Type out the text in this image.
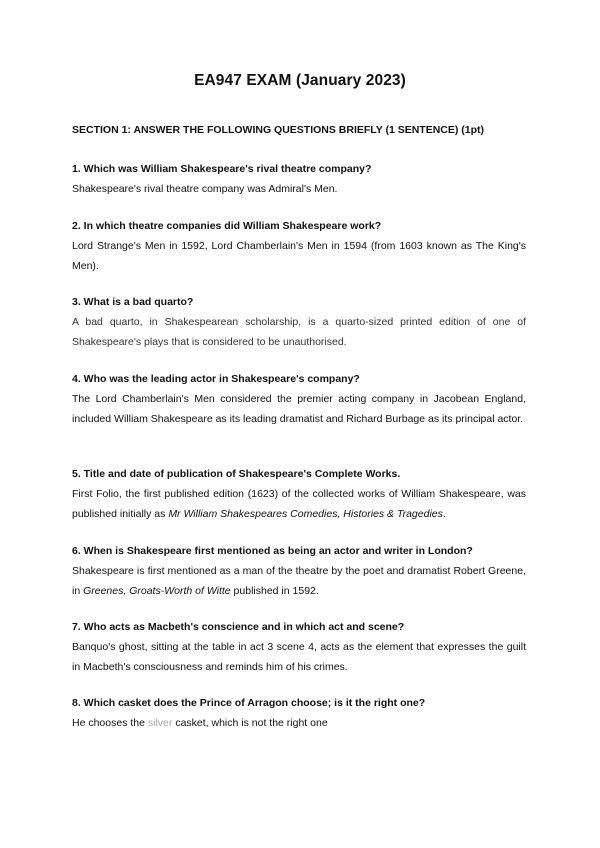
EA947 EXAM (January 2023)
SECTION 1: ANSWER THE FOLLOWING QUESTIONS BRIEFLY (1 SENTENCE) (1pt)

1. Which was William Shakespeare's rival theatre company?

Shakespeare's rival theatre company was Admiral's Men.

2. In which theatre companies did William Shakespeare work?

Lord Strange's Men in 1592, Lord Chamberlain's Men in 1594 (from 1603 known as The King's Men).

3. What is a bad quarto?

A bad quarto, in Shakespearean scholarship, is a quarto-sized printed edition of one of Shakespeare's plays that is considered to be unauthorised.

4. Who was the leading actor in Shakespeare's company?

The Lord Chamberlain's Men considered the premier acting company in Jacobean England, included William Shakespeare as its leading dramatist and Richard Burbage as its principal actor.

5. Title and date of publication of Shakespeare's Complete Works.

First Folio, the first published edition (1623) of the collected works of William Shakespeare, was published initially as Mr William Shakespeares Comedies, Histories & Tragedies.

6. When is Shakespeare first mentioned as being an actor and writer in London?

Shakespeare is first mentioned as a man of the theatre by the poet and dramatist Robert Greene, in Greenes, Groats-Worth of Witte published in 1592.

7. Who acts as Macbeth's conscience and in which act and scene?

Banquo's ghost, sitting at the table in act 3 scene 4, acts as the element that expresses the guilt in Macbeth's consciousness and reminds him of his crimes.

8. Which casket does the Prince of Arragon choose; is it the right one?

He chooses the silver casket, which is not the right one
